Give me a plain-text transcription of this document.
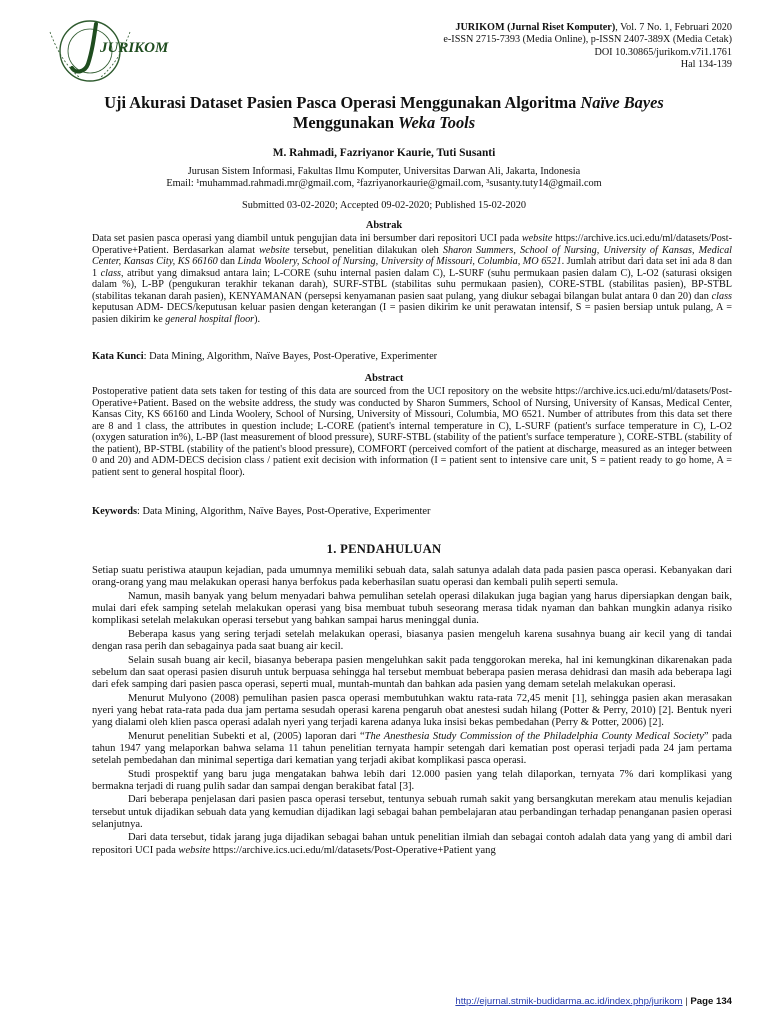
JURIKOM
JURIKOM (Jurnal Riset Komputer), Vol. 7 No. 1, Februari 2020
e-ISSN 2715-7393 (Media Online), p-ISSN 2407-389X (Media Cetak)
DOI 10.30865/jurikom.v7i1.1761
Hal 134-139
Uji Akurasi Dataset Pasien Pasca Operasi Menggunakan Algoritma Naïve Bayes
Menggunakan Weka Tools
M. Rahmadi, Fazriyanor Kaurie, Tuti Susanti
Jurusan Sistem Informasi, Fakultas Ilmu Komputer, Universitas Darwan Ali, Jakarta, Indonesia
Email: ¹muhammad.rahmadi.mr@gmail.com, ²fazriyanorkaurie@gmail.com, ³susanty.tuty14@gmail.com
Submitted 03-02-2020; Accepted 09-02-2020; Published 15-02-2020
Abstrak
Data set pasien pasca operasi yang diambil untuk pengujian data ini bersumber dari repositori UCI pada website https://archive.ics.uci.edu/ml/datasets/Post-Operative+Patient. Berdasarkan alamat website tersebut, penelitian dilakukan oleh Sharon Summers, School of Nursing, University of Kansas, Medical Center, Kansas City, KS 66160 dan Linda Woolery, School of Nursing, University of Missouri, Columbia, MO 6521. Jumlah atribut dari data set ini ada 8 dan 1 class, atribut yang dimaksud antara lain; L-CORE (suhu internal pasien dalam C), L-SURF (suhu permukaan pasien dalam C), L-O2 (saturasi oksigen dalam %), L-BP (pengukuran terakhir tekanan darah), SURF-STBL (stabilitas suhu permukaan pasien), CORE-STBL (stabilitas pasien), BP-STBL (stabilitas tekanan darah pasien), KENYAMANAN (persepsi kenyamanan pasien saat pulang, yang diukur sebagai bilangan bulat antara 0 dan 20) dan class keputusan ADM- DECS/keputusan keluar pasien dengan keterangan (I = pasien dikirim ke unit perawatan intensif, S = pasien bersiap untuk pulang, A = pasien dikirim ke general hospital floor).
Kata Kunci: Data Mining, Algorithm, Naïve Bayes, Post-Operative, Experimenter
Abstract
Postoperative patient data sets taken for testing of this data are sourced from the UCI repository on the website https://archive.ics.uci.edu/ml/datasets/Post-Operative+Patient. Based on the website address, the study was conducted by Sharon Summers, School of Nursing, University of Kansas, Medical Center, Kansas City, KS 66160 and Linda Woolery, School of Nursing, University of Missouri, Columbia, MO 6521. Number of attributes from this data set there are 8 and 1 class, the attributes in question include; L-CORE (patient's internal temperature in C), L-SURF (patient's surface temperature in C), L-O2 (oxygen saturation in%), L-BP (last measurement of blood pressure), SURF-STBL (stability of the patient's surface temperature ), CORE-STBL (stability of the patient), BP-STBL (stability of the patient's blood pressure), COMFORT (perceived comfort of the patient at discharge, measured as an integer between 0 and 20) and ADM-DECS decision class / patient exit decision with information (I = patient sent to intensive care unit, S = patient ready to go home, A = patient sent to general hospital floor).
Keywords: Data Mining, Algorithm, Naïve Bayes, Post-Operative, Experimenter
1. PENDAHULUAN

Setiap suatu peristiwa ataupun kejadian, pada umumnya memiliki sebuah data, salah satunya adalah data pada pasien pasca operasi. Kebanyakan dari orang-orang yang mau melakukan operasi hanya berfokus pada keberhasilan suatu operasi dan kembali pulih seperti semula.

Namun, masih banyak yang belum menyadari bahwa pemulihan setelah operasi dilakukan juga bagian yang harus dipersiapkan dengan baik, mulai dari efek samping setelah melakukan operasi yang bisa membuat tubuh seseorang merasa tidak nyaman dan bahkan mungkin adanya risiko komplikasi setelah melakukan operasi tersebut yang bahkan sampai harus meninggal dunia.

Beberapa kasus yang sering terjadi setelah melakukan operasi, biasanya pasien mengeluh karena susahnya buang air kecil yang di tandai dengan rasa perih dan sebagainya pada saat buang air kecil.

Selain susah buang air kecil, biasanya beberapa pasien mengeluhkan sakit pada tenggorokan mereka, hal ini kemungkinan dikarenakan pada sebelum dan saat operasi pasien disuruh untuk berpuasa sehingga hal tersebut membuat beberapa pasien merasa dehidrasi dan masih ada beberapa lagi dari efek samping dari pasien pasca operasi, seperti mual, muntah-muntah dan bahkan ada pasien yang demam setelah melakukan operasi.

Menurut Mulyono (2008) pemulihan pasien pasca operasi membutuhkan waktu rata-rata 72,45 menit [1], sehingga pasien akan merasakan nyeri yang hebat rata-rata pada dua jam pertama sesudah operasi karena pengaruh obat anestesi sudah hilang (Potter & Perry, 2010) [2]. Bentuk nyeri yang dialami oleh klien pasca operasi adalah nyeri yang terjadi karena adanya luka insisi bekas pembedahan (Perry & Potter, 2006) [2].

Menurut penelitian Subekti et al, (2005) laporan dari “The Anesthesia Study Commission of the Philadelphia County Medical Society” pada tahun 1947 yang melaporkan bahwa selama 11 tahun penelitian ternyata hampir setengah dari kematian post operasi terjadi pada 24 jam pertama setelah pembedahan dan minimal sepertiga dari kematian yang terjadi akibat komplikasi pasca operasi.

Studi prospektif yang baru juga mengatakan bahwa lebih dari 12.000 pasien yang telah dilaporkan, ternyata 7% dari komplikasi yang bermakna terjadi di ruang pulih sadar dan sampai dengan berakibat fatal [3].

Dari beberapa penjelasan dari pasien pasca operasi tersebut, tentunya sebuah rumah sakit yang bersangkutan merekam atau menulis kejadian tersebut untuk dijadikan sebuah data yang kemudian dijadikan lagi sebagai bahan pembelajaran atau perbandingan terhadap penanganan pasien operasi selanjutnya.

Dari data tersebut, tidak jarang juga dijadikan sebagai bahan untuk penelitian ilmiah dan sebagai contoh adalah data yang yang di ambil dari repositori UCI pada website https://archive.ics.uci.edu/ml/datasets/Post-Operative+Patient yang

http://ejurnal.stmik-budidarma.ac.id/index.php/jurikom | Page 134
